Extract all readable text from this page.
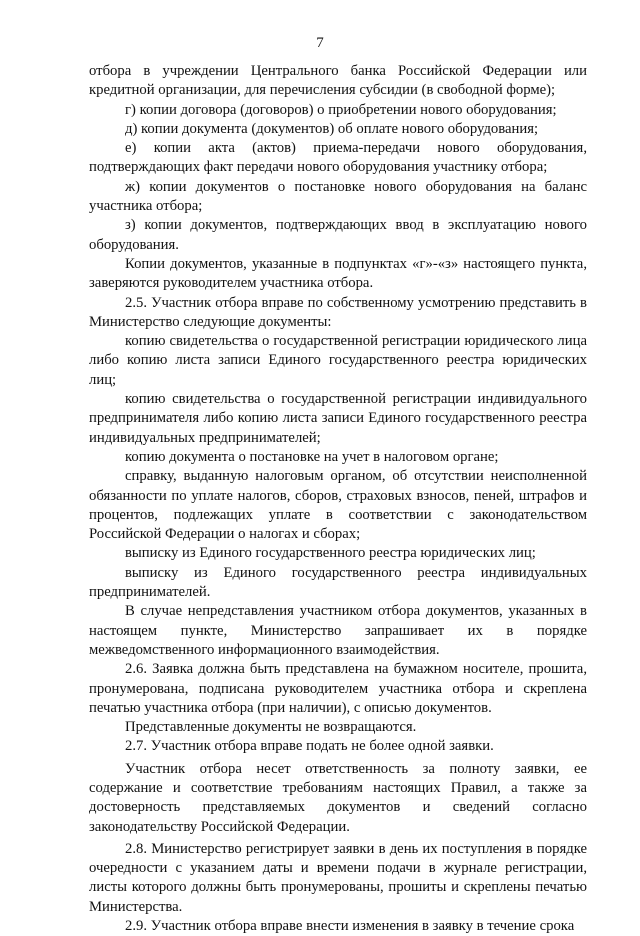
7

отбора в учреждении Центрального банка Российской Федерации или кредитной организации, для перечисления субсидии (в свободной форме);

г) копии договора (договоров) о приобретении нового оборудования;

д) копии документа (документов) об оплате нового оборудования;

е) копии акта (актов) приема-передачи нового оборудования, подтверждающих факт передачи нового оборудования участнику отбора;

ж) копии документов о постановке нового оборудования на баланс участника отбора;

з) копии документов, подтверждающих ввод в эксплуатацию нового оборудования.

Копии документов, указанные в подпунктах «г»-«з» настоящего пункта, заверяются руководителем участника отбора.

2.5. Участник отбора вправе по собственному усмотрению представить в Министерство следующие документы:

копию свидетельства о государственной регистрации юридического лица либо копию листа записи Единого государственного реестра юридических лиц;

копию свидетельства о государственной регистрации индивидуального предпринимателя либо копию листа записи Единого государственного реестра индивидуальных предпринимателей;

копию документа о постановке на учет в налоговом органе;

справку, выданную налоговым органом, об отсутствии неисполненной обязанности по уплате налогов, сборов, страховых взносов, пеней, штрафов и процентов, подлежащих уплате в соответствии с законодательством Российской Федерации о налогах и сборах;

выписку из Единого государственного реестра юридических лиц;

выписку из Единого государственного реестра индивидуальных предпринимателей.

В случае непредставления участником отбора документов, указанных в настоящем пункте, Министерство запрашивает их в порядке межведомственного информационного взаимодействия.

2.6. Заявка должна быть представлена на бумажном носителе, прошита, пронумерована, подписана руководителем участника отбора и скреплена печатью участника отбора (при наличии), с описью документов.

Представленные документы не возвращаются.

2.7. Участник отбора вправе подать не более одной заявки.

Участник отбора несет ответственность за полноту заявки, ее содержание и соответствие требованиям настоящих Правил, а также за достоверность представляемых документов и сведений согласно законодательству Российской Федерации.

2.8. Министерство регистрирует заявки в день их поступления в порядке очередности с указанием даты и времени подачи в журнале регистрации, листы которого должны быть пронумерованы, прошиты и скреплены печатью Министерства.

2.9. Участник отбора вправе внести изменения в заявку в течение срока
